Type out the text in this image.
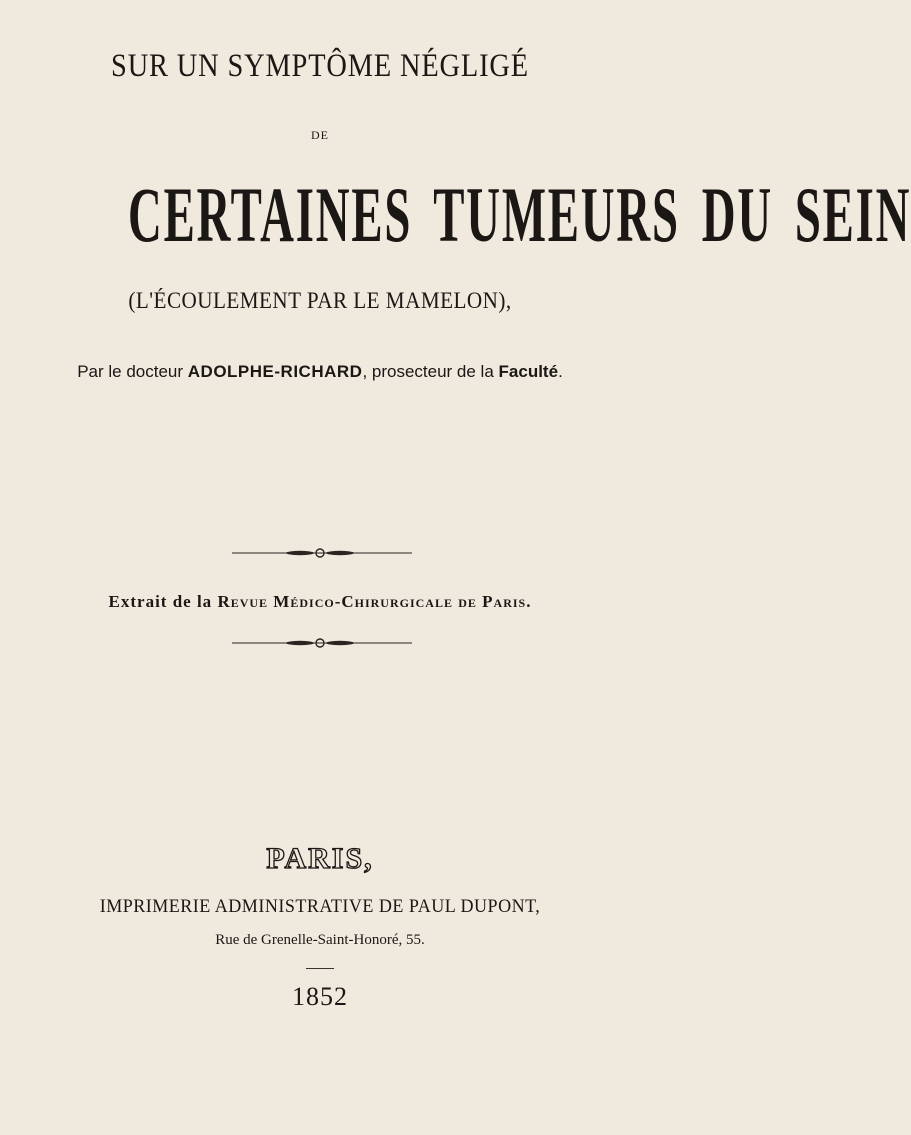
SUR UN SYMPTÔME NÉGLIGÉ
DE
CERTAINES TUMEURS DU SEIN
(L'ÉCOULEMENT PAR LE MAMELON),
Par le docteur ADOLPHE-RICHARD, prosecteur de la Faculté.
Extrait de la Revue Médico-Chirurgicale de Paris.
PARIS,
IMPRIMERIE ADMINISTRATIVE DE PAUL DUPONT,
Rue de Grenelle-Saint-Honoré, 55.
1852
